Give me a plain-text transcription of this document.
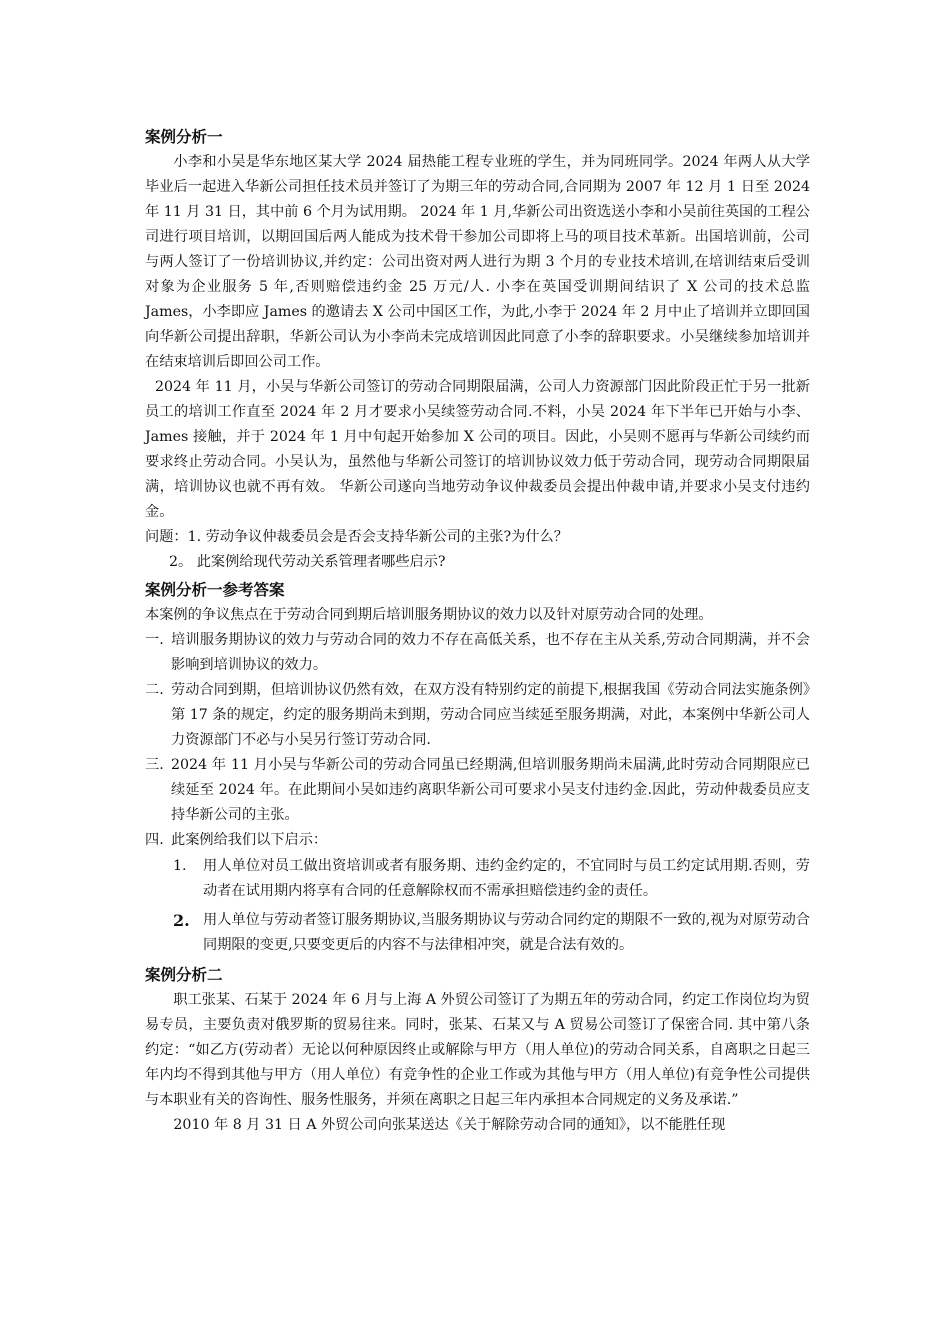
案例分析一

小李和小吴是华东地区某大学 2024 届热能工程专业班的学生，并为同班同学。2024 年两人从大学毕业后一起进入华新公司担任技术员并签订了为期三年的劳动合同,合同期为 2007 年 12 月 1 日至 2024 年 11 月 31 日，其中前 6 个月为试用期。 2024 年 1 月,华新公司出资选送小李和小吴前往英国的工程公司进行项目培训，以期回国后两人能成为技术骨干参加公司即将上马的项目技术革新。出国培训前，公司与两人签订了一份培训协议,并约定：公司出资对两人进行为期 3 个月的专业技术培训,在培训结束后受训对象为企业服务 5 年,否则赔偿违约金 25 万元/人. 小李在英国受训期间结识了 X 公司的技术总监 James，小李即应 James 的邀请去 X 公司中国区工作，为此,小李于 2024 年 2 月中止了培训并立即回国向华新公司提出辞职，华新公司认为小李尚未完成培训因此同意了小李的辞职要求。小吴继续参加培训并在结束培训后即回公司工作。

2024 年 11 月，小吴与华新公司签订的劳动合同期限届满，公司人力资源部门因此阶段正忙于另一批新员工的培训工作直至 2024 年 2 月才要求小吴续签劳动合同.不料，小吴 2024 年下半年已开始与小李、James 接触，并于 2024 年 1 月中旬起开始参加 X 公司的项目。因此，小吴则不愿再与华新公司续约而要求终止劳动合同。小吴认为，虽然他与华新公司签订的培训协议效力低于劳动合同，现劳动合同期限届满，培训协议也就不再有效。 华新公司遂向当地劳动争议仲裁委员会提出仲裁申请,并要求小吴支付违约金。

问题：1. 劳动争议仲裁委员会是否会支持华新公司的主张?为什么？

2。 此案例给现代劳动关系管理者哪些启示?

案例分析一参考答案

本案例的争议焦点在于劳动合同到期后培训服务期协议的效力以及针对原劳动合同的处理。

一. 培训服务期协议的效力与劳动合同的效力不存在高低关系，也不存在主从关系,劳动合同期满，并不会影响到培训协议的效力。
二. 劳动合同到期，但培训协议仍然有效，在双方没有特别约定的前提下,根据我国《劳动合同法实施条例》第 17 条的规定，约定的服务期尚未到期，劳动合同应当续延至服务期满，对此，本案例中华新公司人力资源部门不必与小吴另行签订劳动合同.
三. 2024 年 11 月小吴与华新公司的劳动合同虽已经期满,但培训服务期尚未届满,此时劳动合同期限应已续延至 2024 年。在此期间小吴如违约离职华新公司可要求小吴支付违约金.因此，劳动仲裁委员应支持华新公司的主张。
四. 此案例给我们以下启示：
1.	用人单位对员工做出资培训或者有服务期、违约金约定的，不宜同时与员工约定试用期.否则，劳动者在试用期内将享有合同的任意解除权而不需承担赔偿违约金的责任。
2. 用人单位与劳动者签订服务期协议,当服务期协议与劳动合同约定的期限不一致的,视为对原劳动合同期限的变更,只要变更后的内容不与法律相冲突，就是合法有效的。
案例分析二

职工张某、石某于 2024 年 6 月与上海 A 外贸公司签订了为期五年的劳动合同，约定工作岗位均为贸易专员，主要负责对俄罗斯的贸易往来。同时，张某、石某又与 A 贸易公司签订了保密合同. 其中第八条约定：“如乙方(劳动者）无论以何种原因终止或解除与甲方（用人单位)的劳动合同关系，自离职之日起三年内均不得到其他与甲方（用人单位）有竞争性的企业工作或为其他与甲方（用人单位)有竞争性公司提供与本职业有关的咨询性、服务性服务，并须在离职之日起三年内承担本合同规定的义务及承诺.”

2010 年 8 月 31 日 A 外贸公司向张某送达《关于解除劳动合同的通知》，以不能胜任现
